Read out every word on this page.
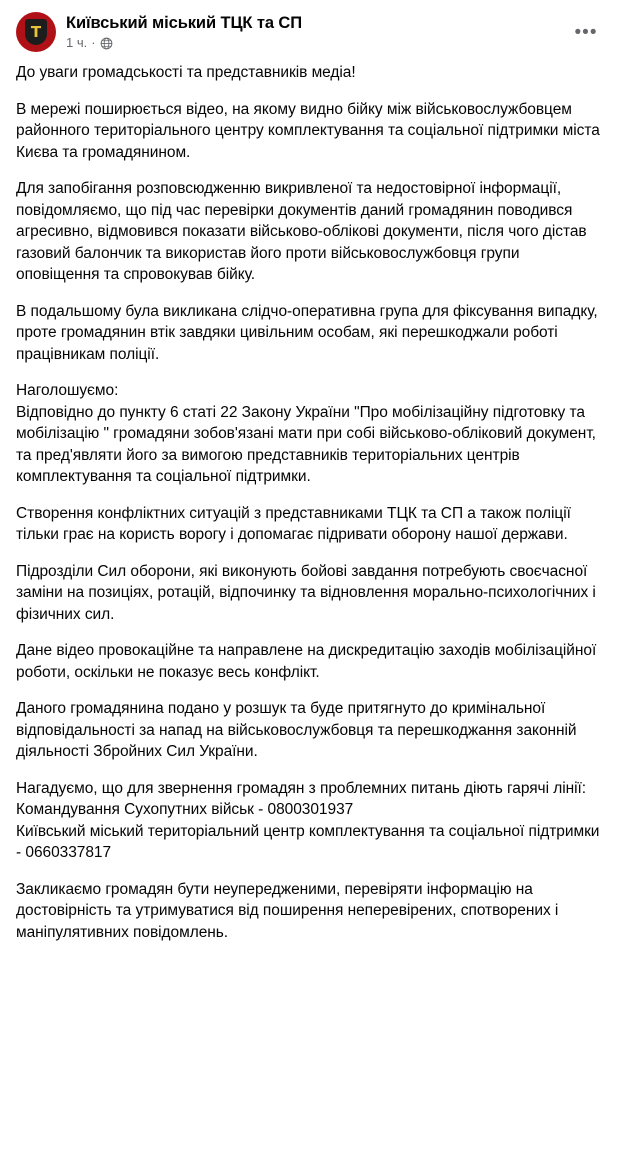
Т Київський міський ТЦК та СП
1 ч. ·	•••

До уваги громадськості та представників медіа!

В мережі поширюється відео, на якому видно бійку між військовослужбовцем районного територіального центру комплектування та соціальної підтримки міста Києва та громадянином.

Для запобігання розповсюдженню викривленої та недостовірної інформації, повідомляємо, що під час перевірки документів даний громадянин поводився агресивно, відмовився показати військово-облікові документи, після чого дістав газовий балончик та використав його проти військовослужбовця групи оповіщення та спровокував бійку.

В подальшому була викликана слідчо-оперативна група для фіксування випадку, проте громадянин втік завдяки цивільним особам, які перешкоджали роботі працівникам поліції.

Наголошуємо:

Відповідно до пункту 6 статі 22 Закону України "Про мобілізаційну підготовку та мобілізацію " громадяни зобов'язані мати при собі військово-обліковий документ, та пред'являти його за вимогою представників територіальних центрів комплектування та соціальної підтримки.

Створення конфліктних ситуацій з представниками ТЦК та СП а також поліції тільки грає на користь ворогу і допомагає підривати оборону нашої держави.

Підрозділи Сил оборони, які виконують бойові завдання потребують своєчасної заміни на позиціях, ротацій, відпочинку та відновлення морально-психологічних і фізичних сил.

Дане відео провокаційне та направлене на дискредитацію заходів мобілізаційної роботи, оскільки не показує весь конфлікт.

Даного громадянина подано у розшук та буде притягнуто до кримінальної відповідальності за напад на військовослужбовця та перешкоджання законній діяльності Збройних Сил України.

Нагадуємо, що для звернення громадян з проблемних питань діють гарячі лінії:

Командування Сухопутних військ - 0800301937

Київський міський територіальний центр комплектування та соціальної підтримки - 0660337817

Закликаємо громадян бути неупередженими, перевіряти інформацію на достовірність та утримуватися від поширення неперевірених, спотворених і маніпулятивних повідомлень.
